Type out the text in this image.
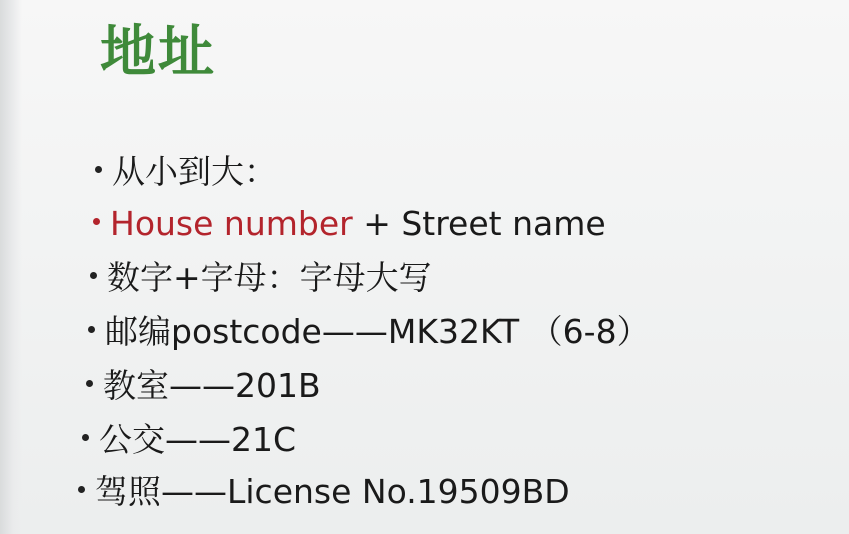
地址
从小到大：
House number + Street name
数字+字母：字母大写
邮编postcode——MK32KT （6-8）
教室——201B
公交——21C
驾照——License No.19509BD
